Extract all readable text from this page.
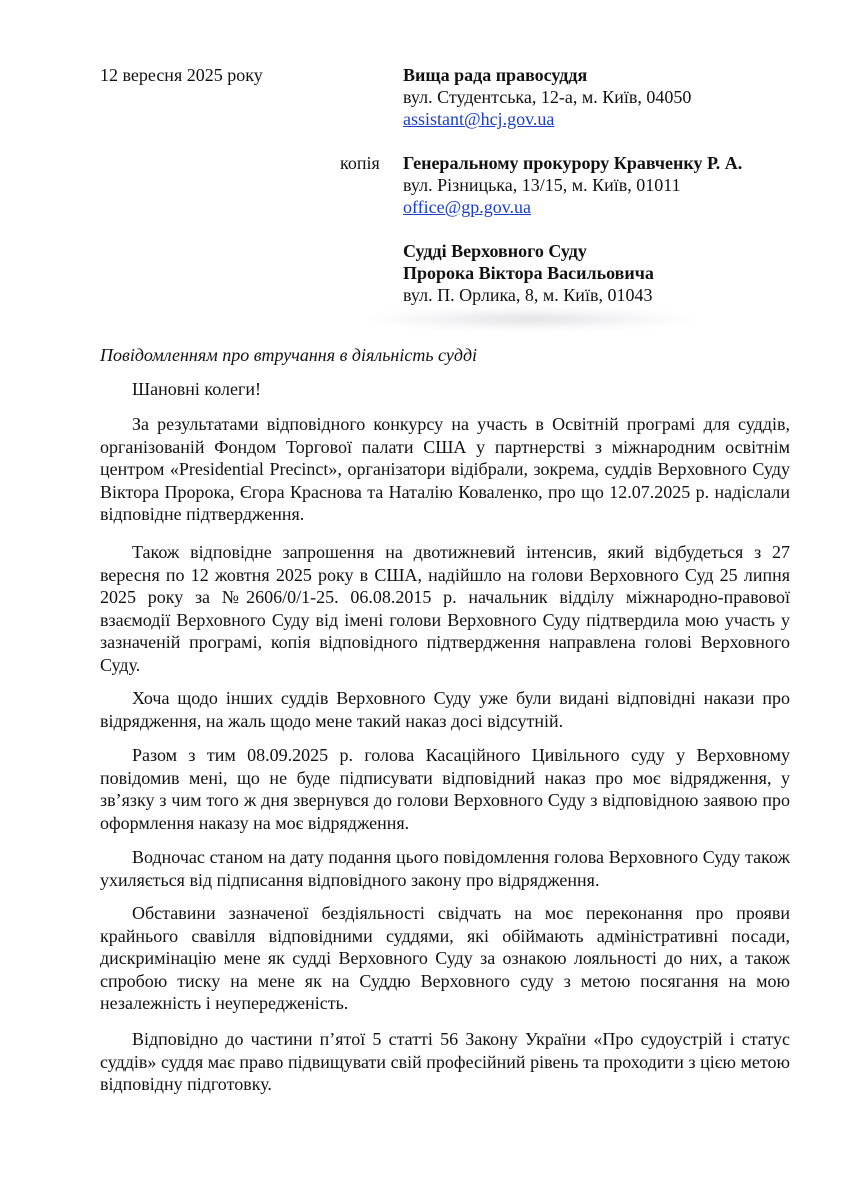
12 вересня 2025 року	Вища рада правосуддя
вул. Студентська, 12-а, м. Київ, 04050
assistant@hcj.gov.ua
копія Генеральному прокурору Кравченку Р. А.
вул. Різницька, 13/15, м. Київ, 01011
office@gp.gov.ua
Судді Верховного Суду
Пророка Віктора Васильовича
вул. П. Орлика, 8, м. Київ, 01043
Повідомленням про втручання в діяльність судді
Шановні колеги!

За результатами відповідного конкурсу на участь в Освітній програмі для суддів, організованій Фондом Торгової палати США у партнерстві з міжнародним освітнім центром «Presidential Precinct», організатори відібрали, зокрема, суддів Верховного Суду Віктора Пророка, Єгора Краснова та Наталію Коваленко, про що 12.07.2025 р. надіслали відповідне підтвердження.

Також відповідне запрошення на двотижневий інтенсив, який відбудеться з 27 вересня по 12 жовтня 2025 року в США, надійшло на голови Верховного Суд 25 липня 2025 року за №2606/0/1-25. 06.08.2015 р. начальник відділу міжнародно-правової взаємодії Верховного Суду від імені голови Верховного Суду підтвердила мою участь у зазначеній програмі, копія відповідного підтвердження направлена голові Верховного Суду.

Хоча щодо інших суддів Верховного Суду уже були видані відповідні накази про відрядження, на жаль щодо мене такий наказ досі відсутній.

Разом з тим 08.09.2025 р. голова Касаційного Цивільного суду у Верховному повідомив мені, що не буде підписувати відповідний наказ про моє відрядження, у зв’язку з чим того ж дня звернувся до голови Верховного Суду з відповідною заявою про оформлення наказу на моє відрядження.

Водночас станом на дату подання цього повідомлення голова Верховного Суду також ухиляється від підписання відповідного закону про відрядження.

Обставини зазначеної бездіяльності свідчать на моє переконання про прояви крайнього свавілля відповідними суддями, які обіймають адміністративні посади, дискримінацію мене як судді Верховного Суду за ознакою лояльності до них, а також спробою тиску на мене як на Суддю Верховного суду з метою посягання на мою незалежність і неупередженість.

Відповідно до частини п’ятої 5 статті 56 Закону України «Про судоустрій і статус суддів» суддя має право підвищувати свій професійний рівень та проходити з цією метою відповідну підготовку.
